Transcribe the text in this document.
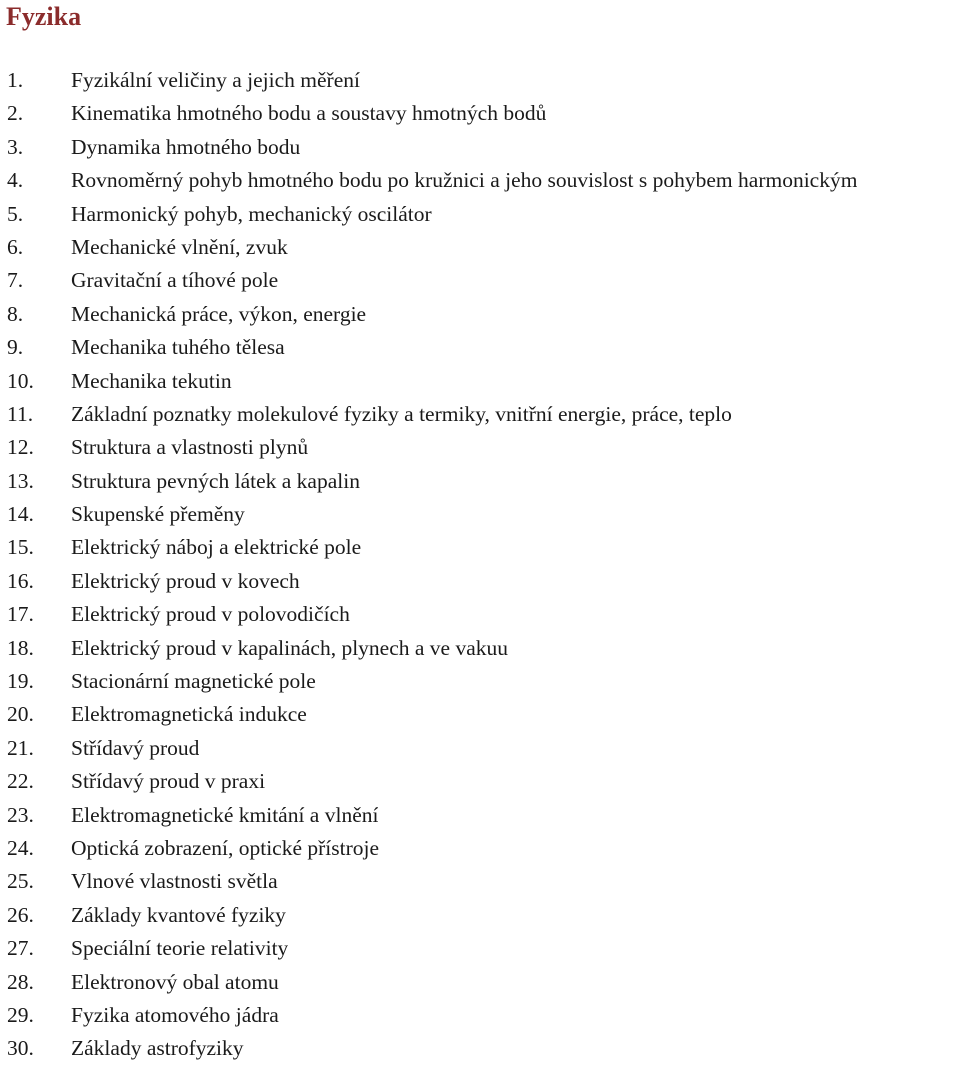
Fyzika
1.	Fyzikální veličiny a jejich měření
2.	Kinematika hmotného bodu a soustavy hmotných bodů
3.	Dynamika hmotného bodu
4.	Rovnoměrný pohyb hmotného bodu po kružnici a jeho souvislost s pohybem harmonickým
5.	Harmonický pohyb, mechanický oscilátor
6.	Mechanické vlnění, zvuk
7.	Gravitační a tíhové pole
8.	Mechanická práce, výkon, energie
9.	Mechanika tuhého tělesa
10.	Mechanika tekutin
11.	Základní poznatky molekulové fyziky a termiky, vnitřní energie, práce, teplo
12.	Struktura a vlastnosti plynů
13.	Struktura pevných látek a kapalin
14.	Skupenské přeměny
15.	Elektrický náboj a elektrické pole
16.	Elektrický proud v kovech
17.	Elektrický proud v polovodičích
18.	Elektrický proud v kapalinách, plynech a ve vakuu
19.	Stacionární magnetické pole
20.	Elektromagnetická indukce
21.	Střídavý proud
22.	Střídavý proud v praxi
23.	Elektromagnetické kmitání a vlnění
24.	Optická zobrazení, optické přístroje
25.	Vlnové vlastnosti světla
26.	Základy kvantové fyziky
27.	Speciální teorie relativity
28.	Elektronový obal atomu
29.	Fyzika atomového jádra
30.	Základy astrofyziky
